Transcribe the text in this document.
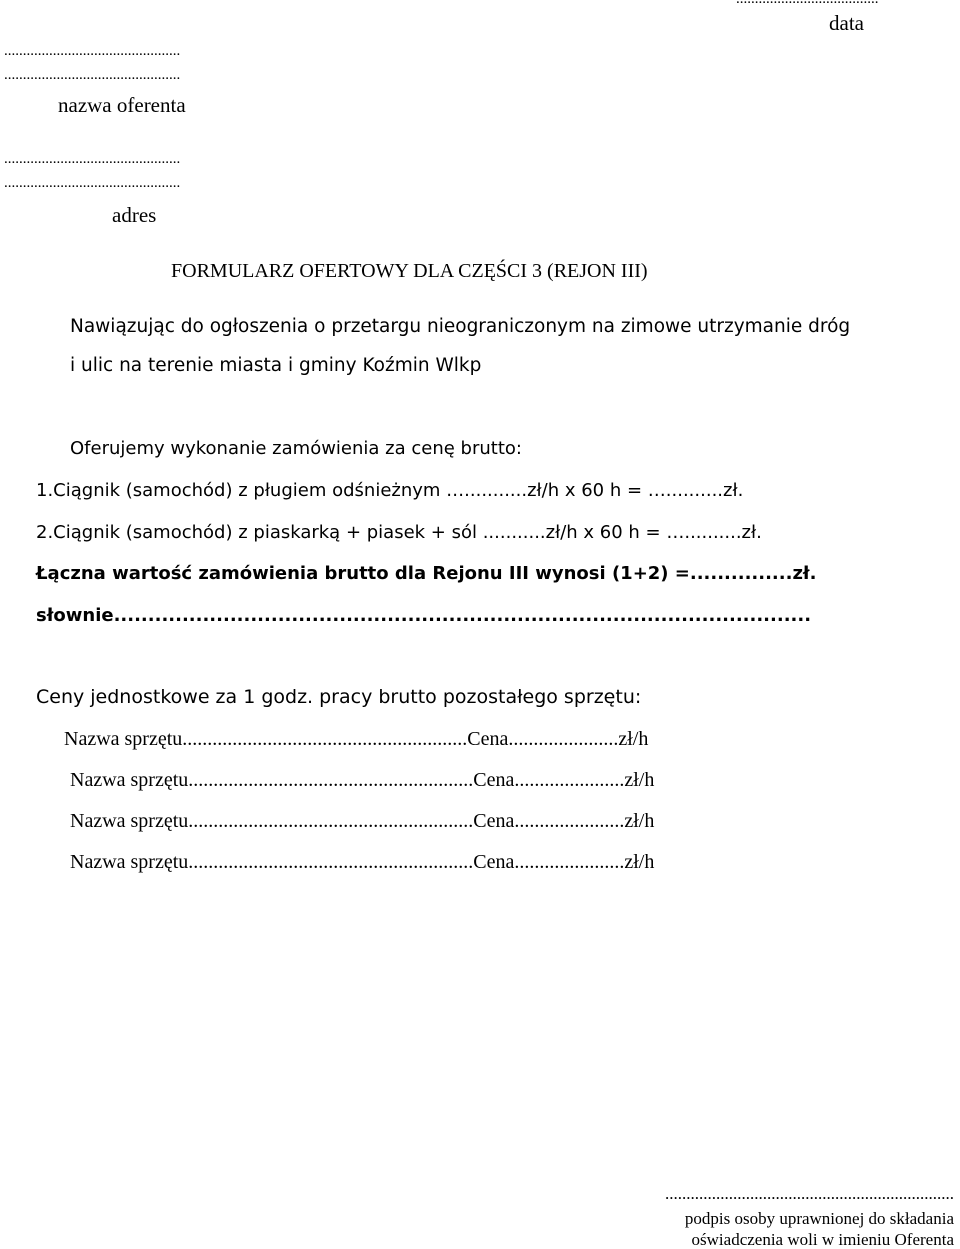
data
...............................................
...............................................
nazwa oferenta
...............................................
...............................................
adres
FORMULARZ OFERTOWY DLA CZĘŚCI 3 (REJON III)
Nawiązując do ogłoszenia o przetargu nieograniczonym na zimowe utrzymanie dróg
i ulic na terenie miasta i gminy Koźmin Wlkp
Oferujemy wykonanie zamówienia za cenę brutto:
1.Ciągnik (samochód) z pługiem odśnieżnym …...........zł/h x 60 h = …..........zł.
2.Ciągnik (samochód) z piaskarką + piasek + sól ...........zł/h x 60 h = …..........zł.
Łączna wartość zamówienia brutto dla Rejonu III wynosi (1+2) =...............zł.
słownie......................................................................................................
Ceny jednostkowe za 1 godz. pracy brutto pozostałego sprzętu:
Nazwa sprzętu.........................................................Cena......................zł/h
Nazwa sprzętu.........................................................Cena......................zł/h
Nazwa sprzętu.........................................................Cena......................zł/h
Nazwa sprzętu.........................................................Cena......................zł/h
....................................................................
podpis osoby uprawnionej do składania
oświadczenia woli w imieniu Oferenta
